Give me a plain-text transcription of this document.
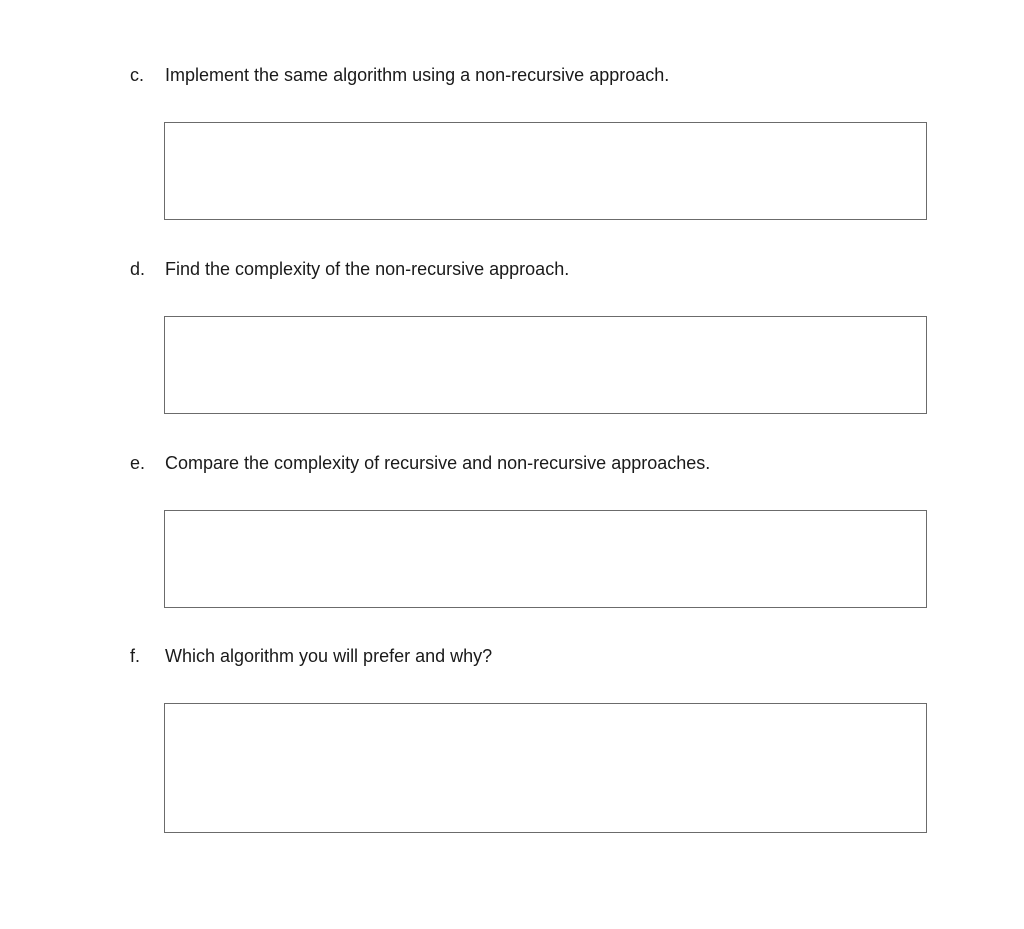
c. Implement the same algorithm using a non-recursive approach.
d. Find the complexity of the non-recursive approach.
e. Compare the complexity of recursive and non-recursive approaches.
f. Which algorithm you will prefer and why?
